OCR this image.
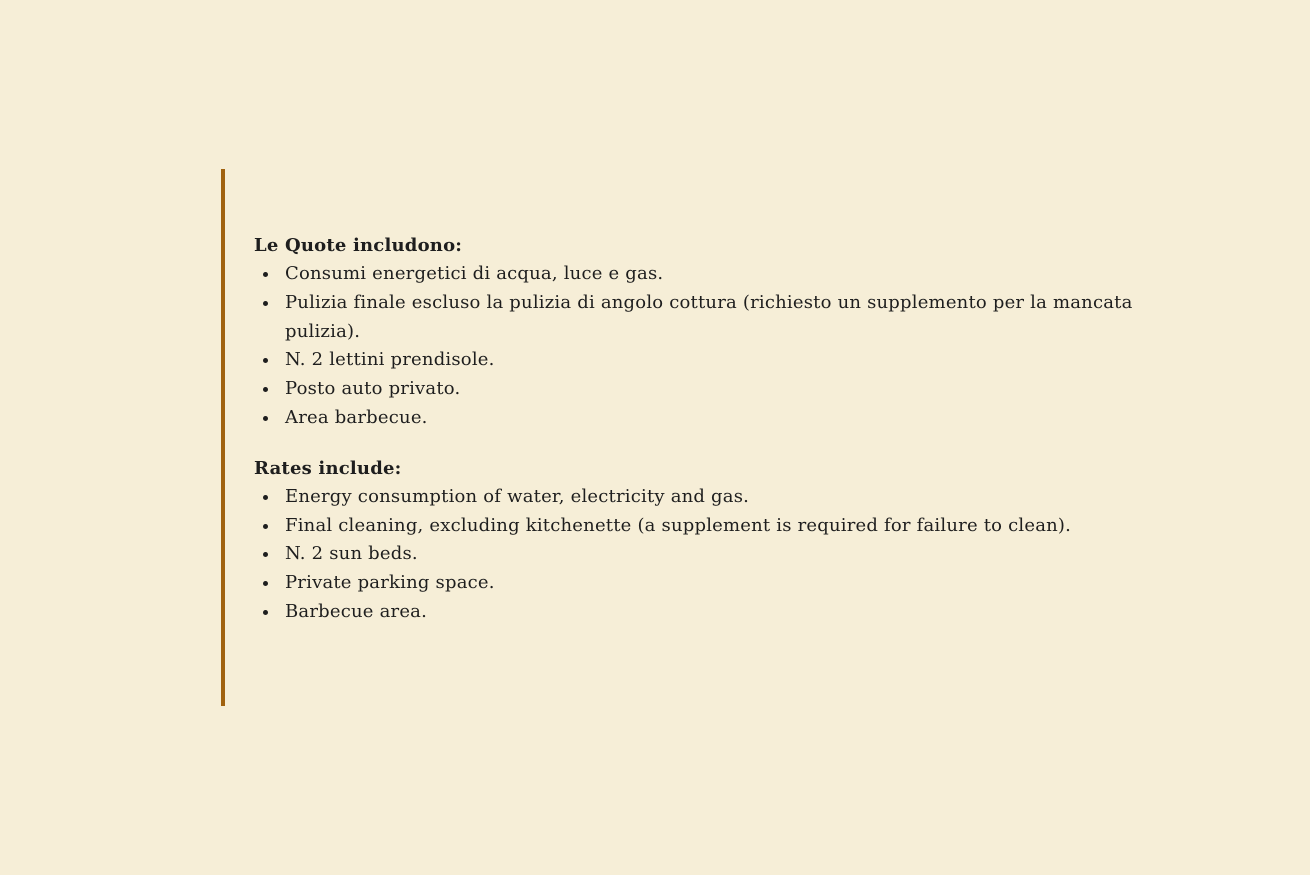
Le Quote includono:

Consumi energetici di acqua, luce e gas.
Pulizia finale escluso la pulizia di angolo cottura (richiesto un supplemento per la mancata pulizia).
N. 2 lettini prendisole.
Posto auto privato.
Area barbecue.

Rates include:

Energy consumption of water, electricity and gas.
Final cleaning, excluding kitchenette (a supplement is required for failure to clean).
N. 2 sun beds.
Private parking space.
Barbecue area.
